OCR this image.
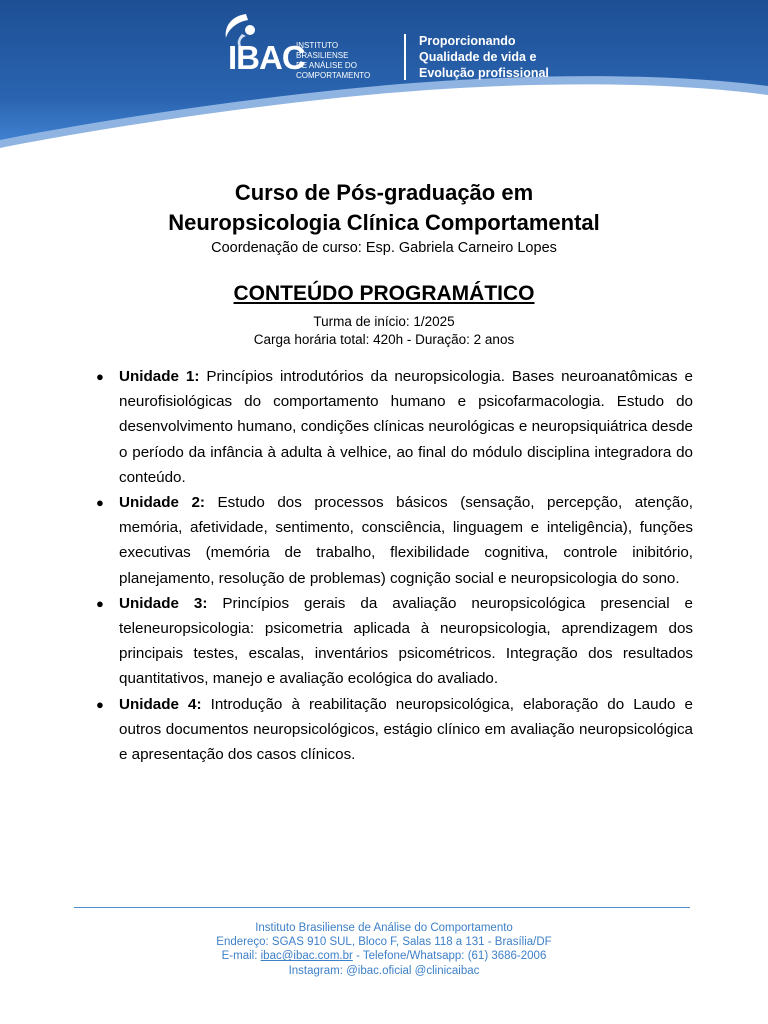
IBAC
INSTITUTO BRASILIENSE
DE ANÁLISE DO
COMPORTAMENTO
Proporcionando
Qualidade de vida e
Evolução profissional
Curso de Pós-graduação em
Neuropsicologia Clínica Comportamental
Coordenação de curso: Esp. Gabriela Carneiro Lopes
CONTEÚDO PROGRAMÁTICO
Turma de início: 1/2025
Carga horária total: 420h - Duração: 2 anos
● Unidade 1: Princípios introdutórios da neuropsicologia. Bases neuroanatômicas e neurofisiológicas do comportamento humano e psicofarmacologia. Estudo do desenvolvimento humano, condições clínicas neurológicas e neuropsiquiátrica desde o período da infância à adulta à velhice, ao final do módulo disciplina integradora do conteúdo.
● Unidade 2: Estudo dos processos básicos (sensação, percepção, atenção, memória, afetividade, sentimento, consciência, linguagem e inteligência), funções executivas (memória de trabalho, flexibilidade cognitiva, controle inibitório, planejamento, resolução de problemas) cognição social e neuropsicologia do sono.
● Unidade 3: Princípios gerais da avaliação neuropsicológica presencial e teleneuropsicologia: psicometria aplicada à neuropsicologia, aprendizagem dos principais testes, escalas, inventários psicométricos. Integração dos resultados quantitativos, manejo e avaliação ecológica do avaliado.
● Unidade 4: Introdução à reabilitação neuropsicológica, elaboração do Laudo e outros documentos neuropsicológicos, estágio clínico em avaliação neuropsicológica e apresentação dos casos clínicos.
Instituto Brasiliense de Análise do Comportamento
Endereço: SGAS 910 SUL, Bloco F, Salas 118 a 131 - Brasília/DF
E-mail: ibac@ibac.com.br - Telefone/Whatsapp: (61) 3686-2006
Instagram: @ibac.oficial @clinicaibac
